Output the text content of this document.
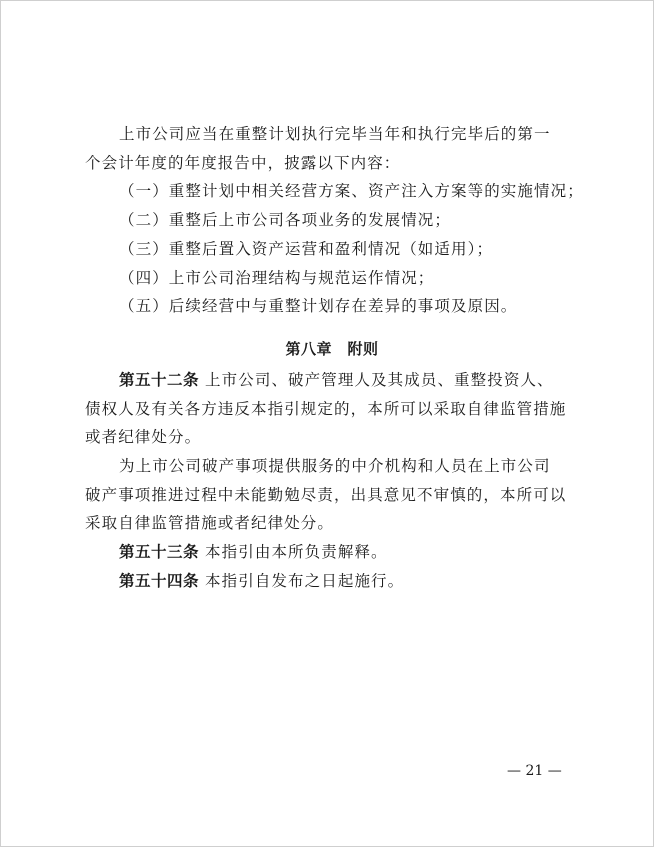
上市公司应当在重整计划执行完毕当年和执行完毕后的第一
个会计年度的年度报告中，披露以下内容：
（一）重整计划中相关经营方案、资产注入方案等的实施情况；
（二）重整后上市公司各项业务的发展情况；
（三）重整后置入资产运营和盈利情况（如适用）；
（四）上市公司治理结构与规范运作情况；
（五）后续经营中与重整计划存在差异的事项及原因。
第八章　附则
第五十二条 上市公司、破产管理人及其成员、重整投资人、
债权人及有关各方违反本指引规定的，本所可以采取自律监管措施
或者纪律处分。
为上市公司破产事项提供服务的中介机构和人员在上市公司
破产事项推进过程中未能勤勉尽责，出具意见不审慎的，本所可以
采取自律监管措施或者纪律处分。
第五十三条 本指引由本所负责解释。
第五十四条 本指引自发布之日起施行。
— 21 —
